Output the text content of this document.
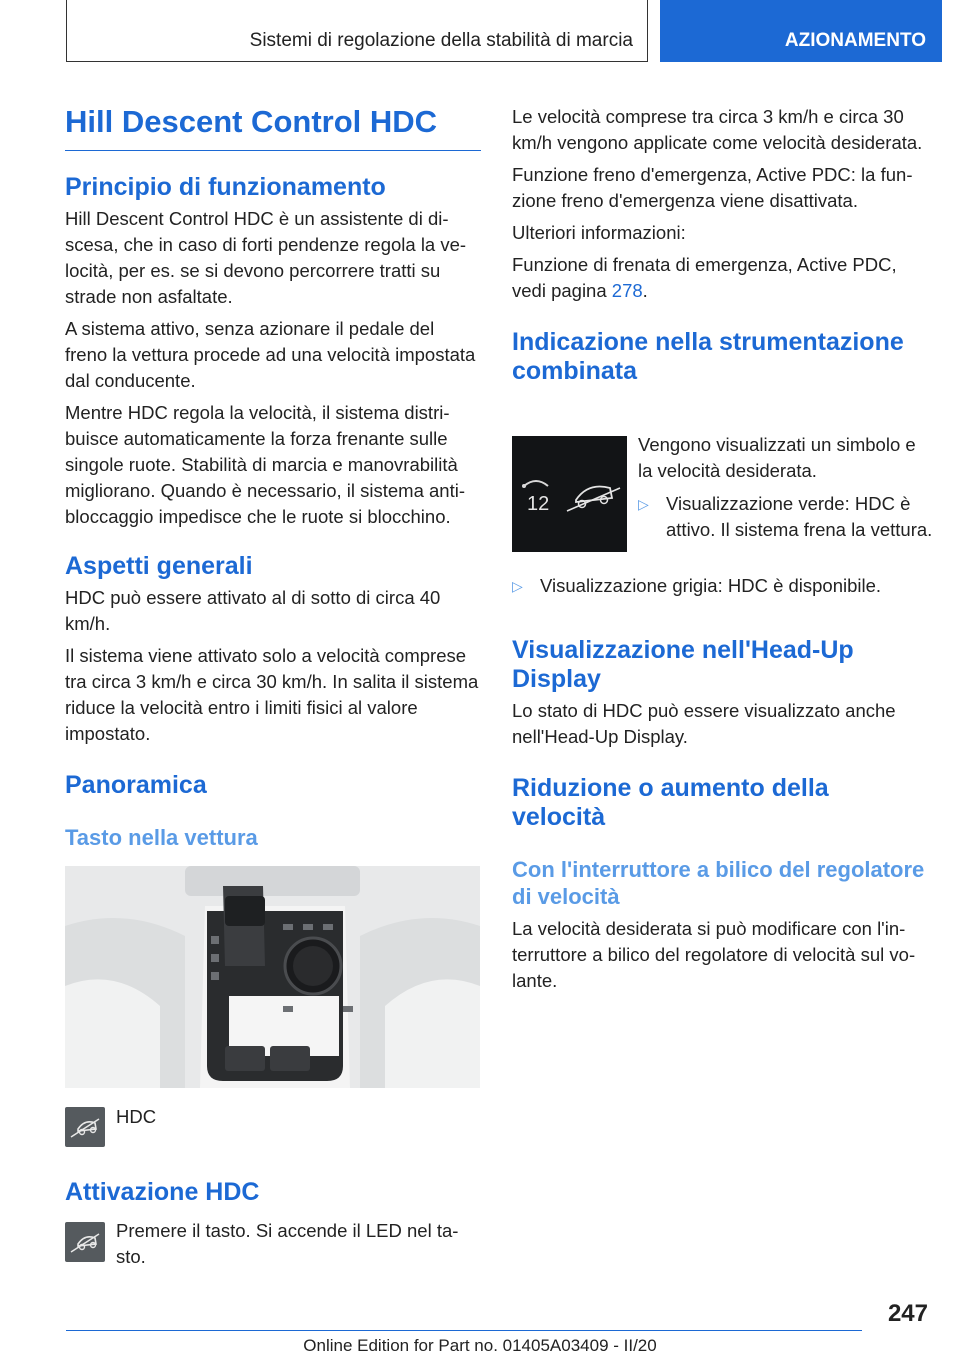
Sistemi di regolazione della stabilità di marcia	AZIONAMENTO
Hill Descent Control HDC
Principio di funzionamento

Hill Descent Control HDC è un assistente di discesa, che in caso di forti pendenze regola la velocità, per es. se si devono percorrere tratti su strade non asfaltate.

A sistema attivo, senza azionare il pedale del freno la vettura procede ad una velocità impostata dal conducente.

Mentre HDC regola la velocità, il sistema distribuisce automaticamente la forza frenante sulle singole ruote. Stabilità di marcia e manovrabilità migliorano. Quando è necessario, il sistema antibloccaggio impedisce che le ruote si blocchino.

Aspetti generali

HDC può essere attivato al di sotto di circa 40 km/h.

Il sistema viene attivato solo a velocità comprese tra circa 3 km/h e circa 30 km/h. In salita il sistema riduce la velocità entro i limiti fisici al valore impostato.

Panoramica
Tasto nella vettura
HDC
Attivazione HDC

Premere il tasto. Si accende il LED nel tasto.

Le velocità comprese tra circa 3 km/h e circa 30 km/h vengono applicate come velocità desiderata.

Funzione freno d'emergenza, Active PDC: la funzione freno d'emergenza viene disattivata.

Ulteriori informazioni:

Funzione di frenata di emergenza, Active PDC, vedi pagina 278.

Indicazione nella strumentazione combinata
12

Vengono visualizzati un simbolo e la velocità desiderata.

▷ Visualizzazione verde: HDC è attivo. Il sistema frena la vettura.
▷ Visualizzazione grigia: HDC è disponibile.
Visualizzazione nell'Head-Up Display

Lo stato di HDC può essere visualizzato anche nell'Head-Up Display.

Riduzione o aumento della velocità
Con l'interruttore a bilico del regolatore di velocità

La velocità desiderata si può modificare con l'interruttore a bilico del regolatore di velocità sul volante.

247
Online Edition for Part no. 01405A03409 - II/20
